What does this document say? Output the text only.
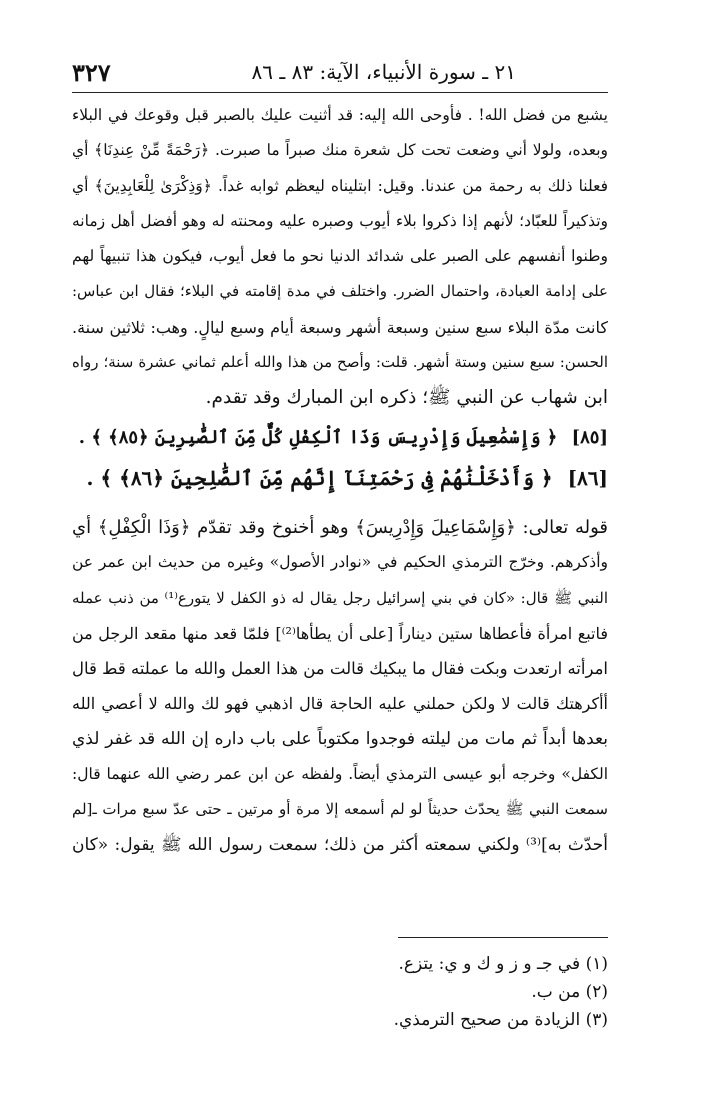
٣٢٧	٢١ ـ سورة الأنبياء، الآية: ٨٣ ـ ٨٦
يشبع من فضل الله! . فأوحى الله إليه: قد أثنيت عليك بالصبر قبل وقوعك في البلاء
وبعده، ولولا أني وضعت تحت كل شعرة منك صبراً ما صبرت. ﴿رَحْمَةً مِّنْ عِندِنَا﴾ أي
فعلنا ذلك به رحمة من عندنا. وقيل: ابتليناه ليعظم ثوابه غداً. ﴿وَذِكْرَىٰ لِلْعَابِدِينَ﴾ أي
وتذكيراً للعبّاد؛ لأنهم إذا ذكروا بلاء أيوب وصبره عليه ومحنته له وهو أفضل أهل زمانه
وطنوا أنفسهم على الصبر على شدائد الدنيا نحو ما فعل أيوب، فيكون هذا تنبيهاً لهم
على إدامة العبادة، واحتمال الضرر. واختلف في مدة إقامته في البلاء؛ فقال ابن عباس:
كانت مدّة البلاء سبع سنين وسبعة أشهر وسبعة أيام وسبع ليالٍ. وهب: ثلاثين سنة.
الحسن: سبع سنين وستة أشهر. قلت: وأصح من هذا والله أعلم ثماني عشرة سنة؛ رواه
ابن شهاب عن النبي ﷺ؛ ذكره ابن المبارك وقد تقدم.
[٨٥] ﴿ وَإِسْمَٰعِيلَ وَإِدْرِيسَ وَذَا ٱلْكِفْلِ كُلٌّ مِّنَ ٱلصَّٰبِرِينَ ﴿٨٥﴾ ﴾ .
[٨٦] ﴿ وَأَدْخَلْنَٰهُمْ فِى رَحْمَتِنَآ إِنَّهُم مِّنَ ٱلصَّٰلِحِينَ ﴿٨٦﴾ ﴾ .
قوله تعالى: ﴿وَإِسْمَاعِيلَ وَإِدْرِيسَ﴾ وهو أخنوخ وقد تقدّم ﴿وَذَا الْكِفْلِ﴾ أي
وأذكرهم. وخرّج الترمذي الحكيم في «نوادر الأصول» وغيره من حديث ابن عمر عن
النبي ﷺ قال: «كان في بني إسرائيل رجل يقال له ذو الكفل لا يتورع⁽¹⁾ من ذنب عمله
فاتبع امرأة فأعطاها ستين ديناراً [على أن يطأها⁽²⁾] فلمّا قعد منها مقعد الرجل من
امرأته ارتعدت وبكت فقال ما يبكيك قالت من هذا العمل والله ما عملته قط قال
أأكرهتك قالت لا ولكن حملني عليه الحاجة قال اذهبي فهو لك والله لا أعصي الله
بعدها أبداً ثم مات من ليلته فوجدوا مكتوباً على باب داره إن الله قد غفر لذي
الكفل» وخرجه أبو عيسى الترمذي أيضاً. ولفظه عن ابن عمر رضي الله عنهما قال:
سمعت النبي ﷺ يحدّث حديثاً لو لم أسمعه إلا مرة أو مرتين ـ حتى عدّ سبع مرات ـ[لم
أحدّث به]⁽³⁾ ولكني سمعته أكثر من ذلك؛ سمعت رسول الله ﷺ يقول: «كان
(١) في جـ و ز و ك و ي: يتزع.
(٢) من ب.
(٣) الزيادة من صحيح الترمذي.
